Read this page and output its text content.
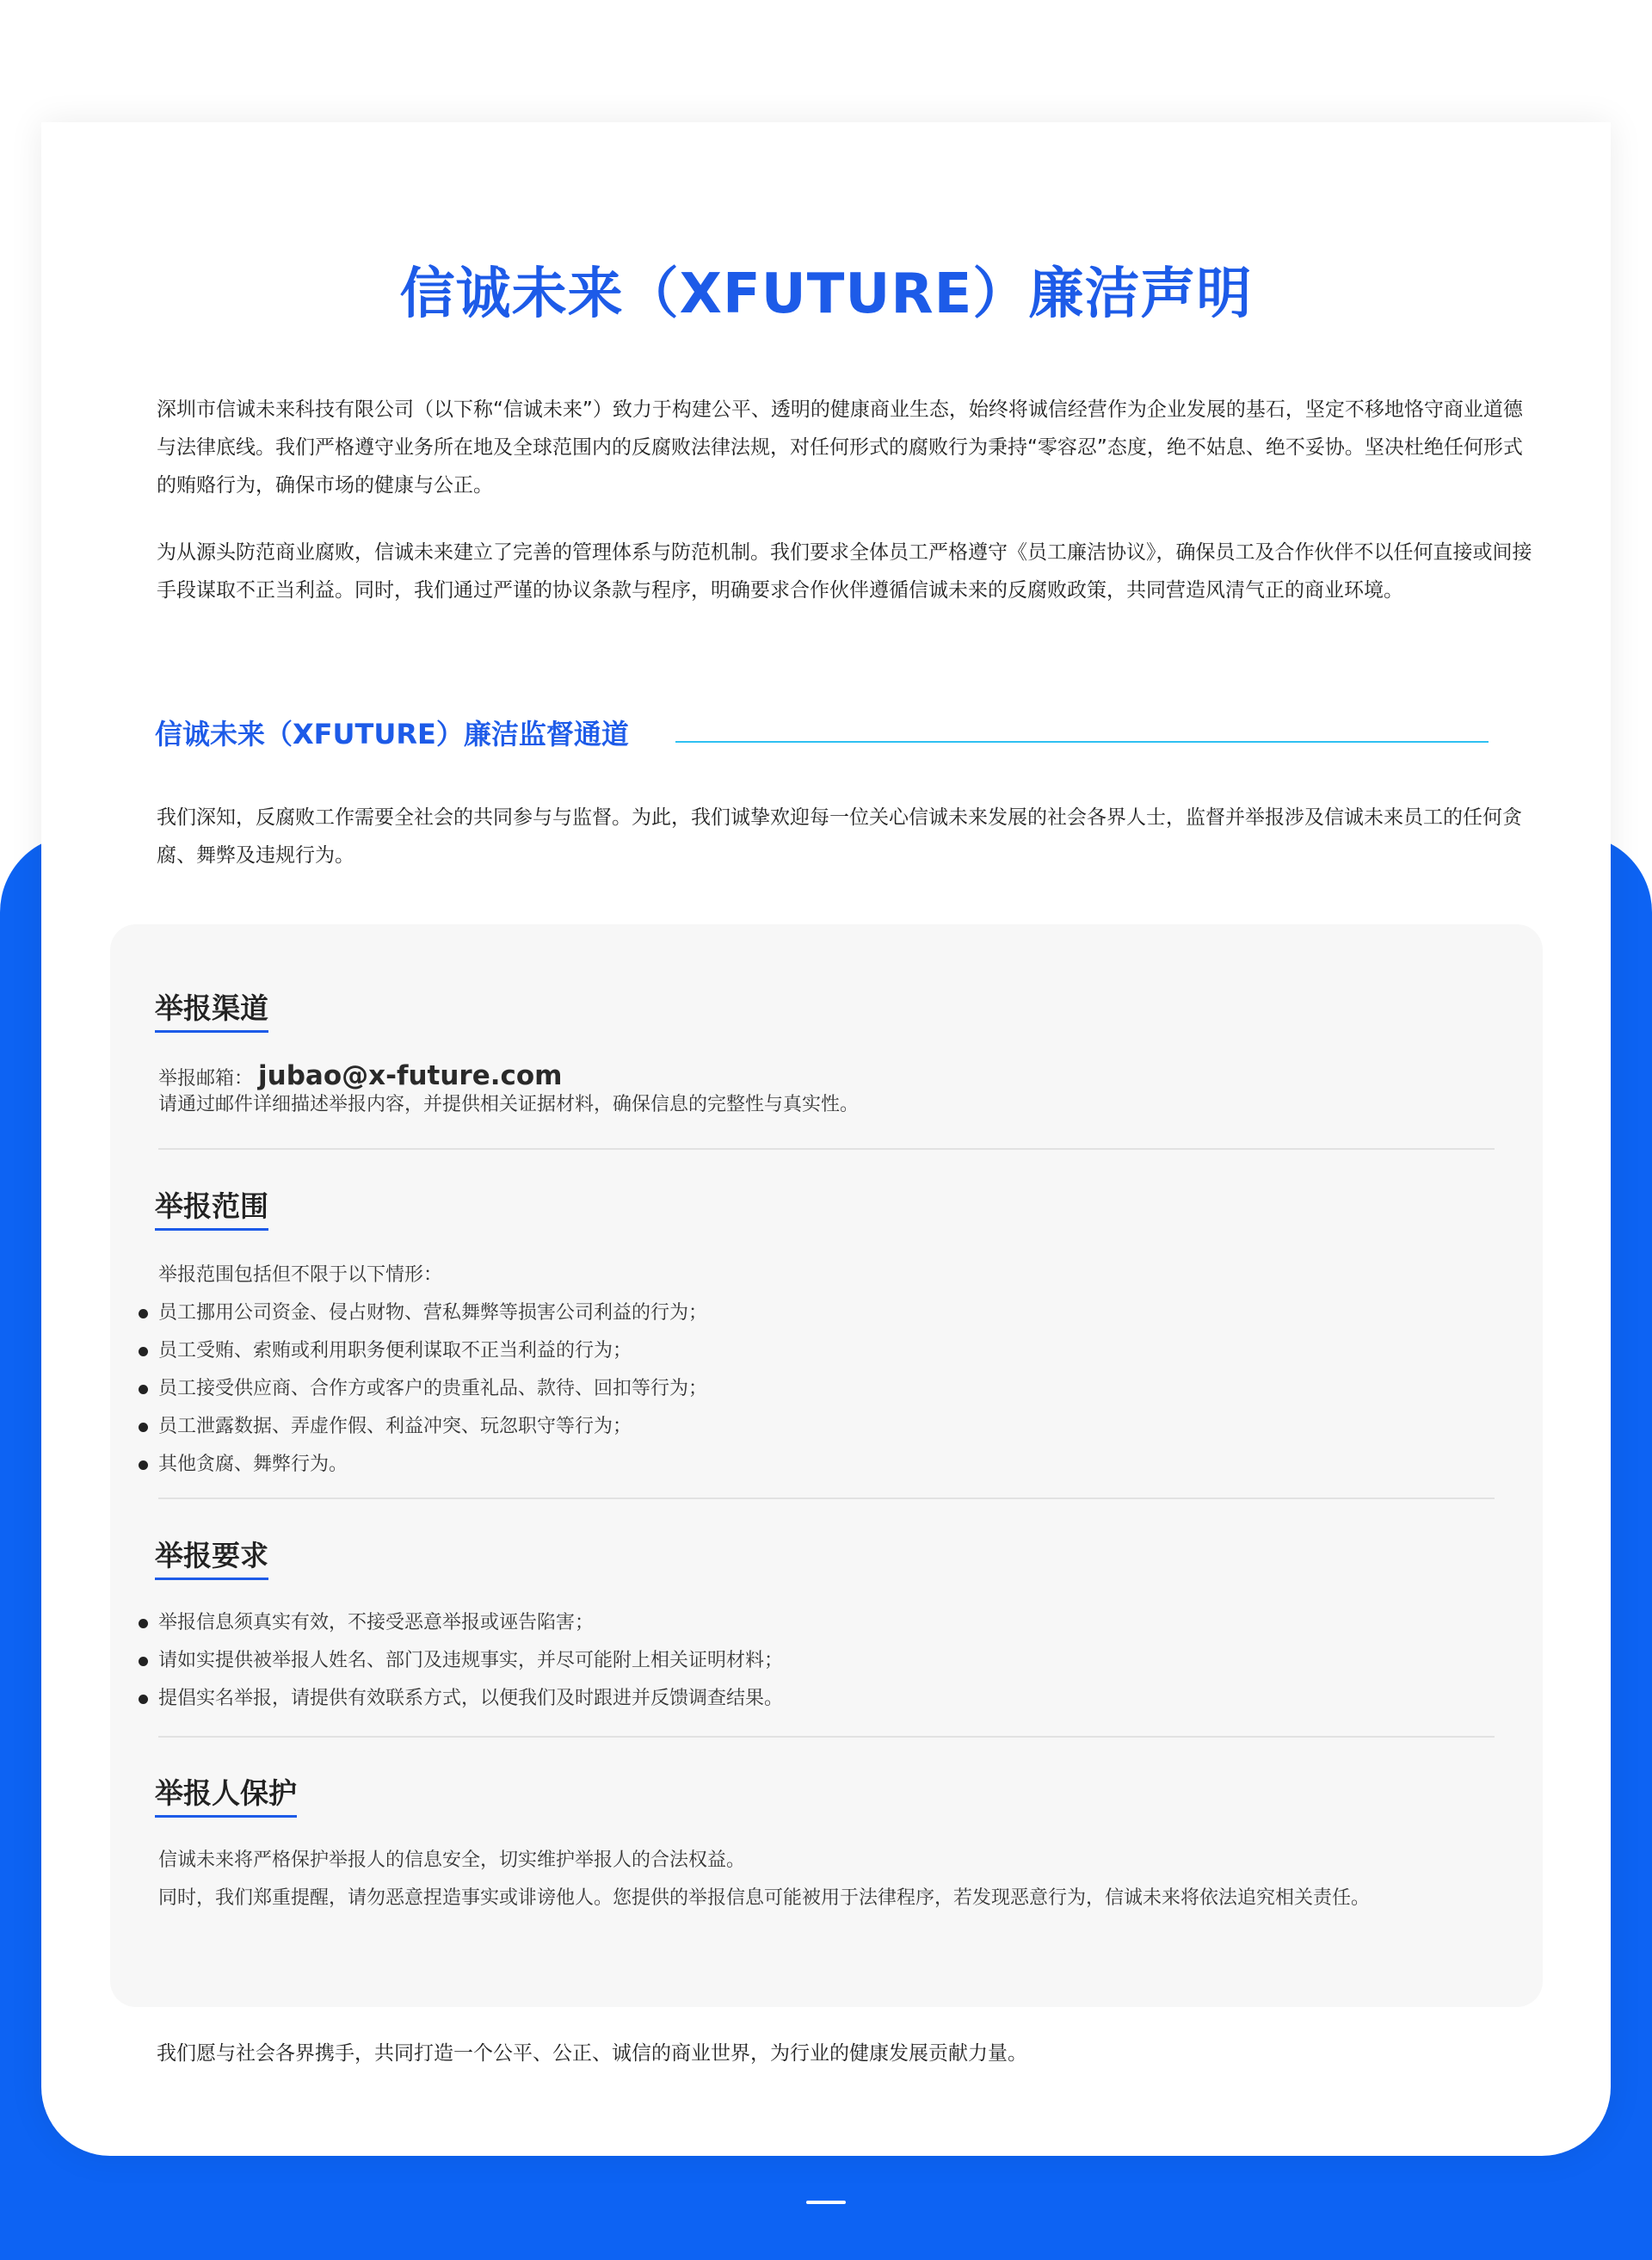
信诚未来（XFUTURE）廉洁声明

深圳市信诚未来科技有限公司（以下称“信诚未来”）致力于构建公平、透明的健康商业生态，始终将诚信经营作为企业发展的基石，坚定不移地恪守商业道德与法律底线。我们严格遵守业务所在地及全球范围内的反腐败法律法规，对任何形式的腐败行为秉持“零容忍”态度，绝不姑息、绝不妥协。坚决杜绝任何形式的贿赂行为，确保市场的健康与公正。

为从源头防范商业腐败，信诚未来建立了完善的管理体系与防范机制。我们要求全体员工严格遵守《员工廉洁协议》，确保员工及合作伙伴不以任何直接或间接手段谋取不正当利益。同时，我们通过严谨的协议条款与程序，明确要求合作伙伴遵循信诚未来的反腐败政策，共同营造风清气正的商业环境。

信诚未来（XFUTURE）廉洁监督通道

我们深知，反腐败工作需要全社会的共同参与与监督。为此，我们诚挚欢迎每一位关心信诚未来发展的社会各界人士，监督并举报涉及信诚未来员工的任何贪腐、舞弊及违规行为。

举报渠道
举报邮箱： jubao@x-future.com
请通过邮件详细描述举报内容，并提供相关证据材料，确保信息的完整性与真实性。
举报范围
举报范围包括但不限于以下情形：
员工挪用公司资金、侵占财物、营私舞弊等损害公司利益的行为；
员工受贿、索贿或利用职务便利谋取不正当利益的行为；
员工接受供应商、合作方或客户的贵重礼品、款待、回扣等行为；
员工泄露数据、弄虚作假、利益冲突、玩忽职守等行为；
其他贪腐、舞弊行为。
举报要求
举报信息须真实有效，不接受恶意举报或诬告陷害；
请如实提供被举报人姓名、部门及违规事实，并尽可能附上相关证明材料；
提倡实名举报，请提供有效联系方式，以便我们及时跟进并反馈调查结果。
举报人保护
信诚未来将严格保护举报人的信息安全，切实维护举报人的合法权益。
同时，我们郑重提醒，请勿恶意捏造事实或诽谤他人。您提供的举报信息可能被用于法律程序，若发现恶意行为，信诚未来将依法追究相关责任。

我们愿与社会各界携手，共同打造一个公平、公正、诚信的商业世界，为行业的健康发展贡献力量。
